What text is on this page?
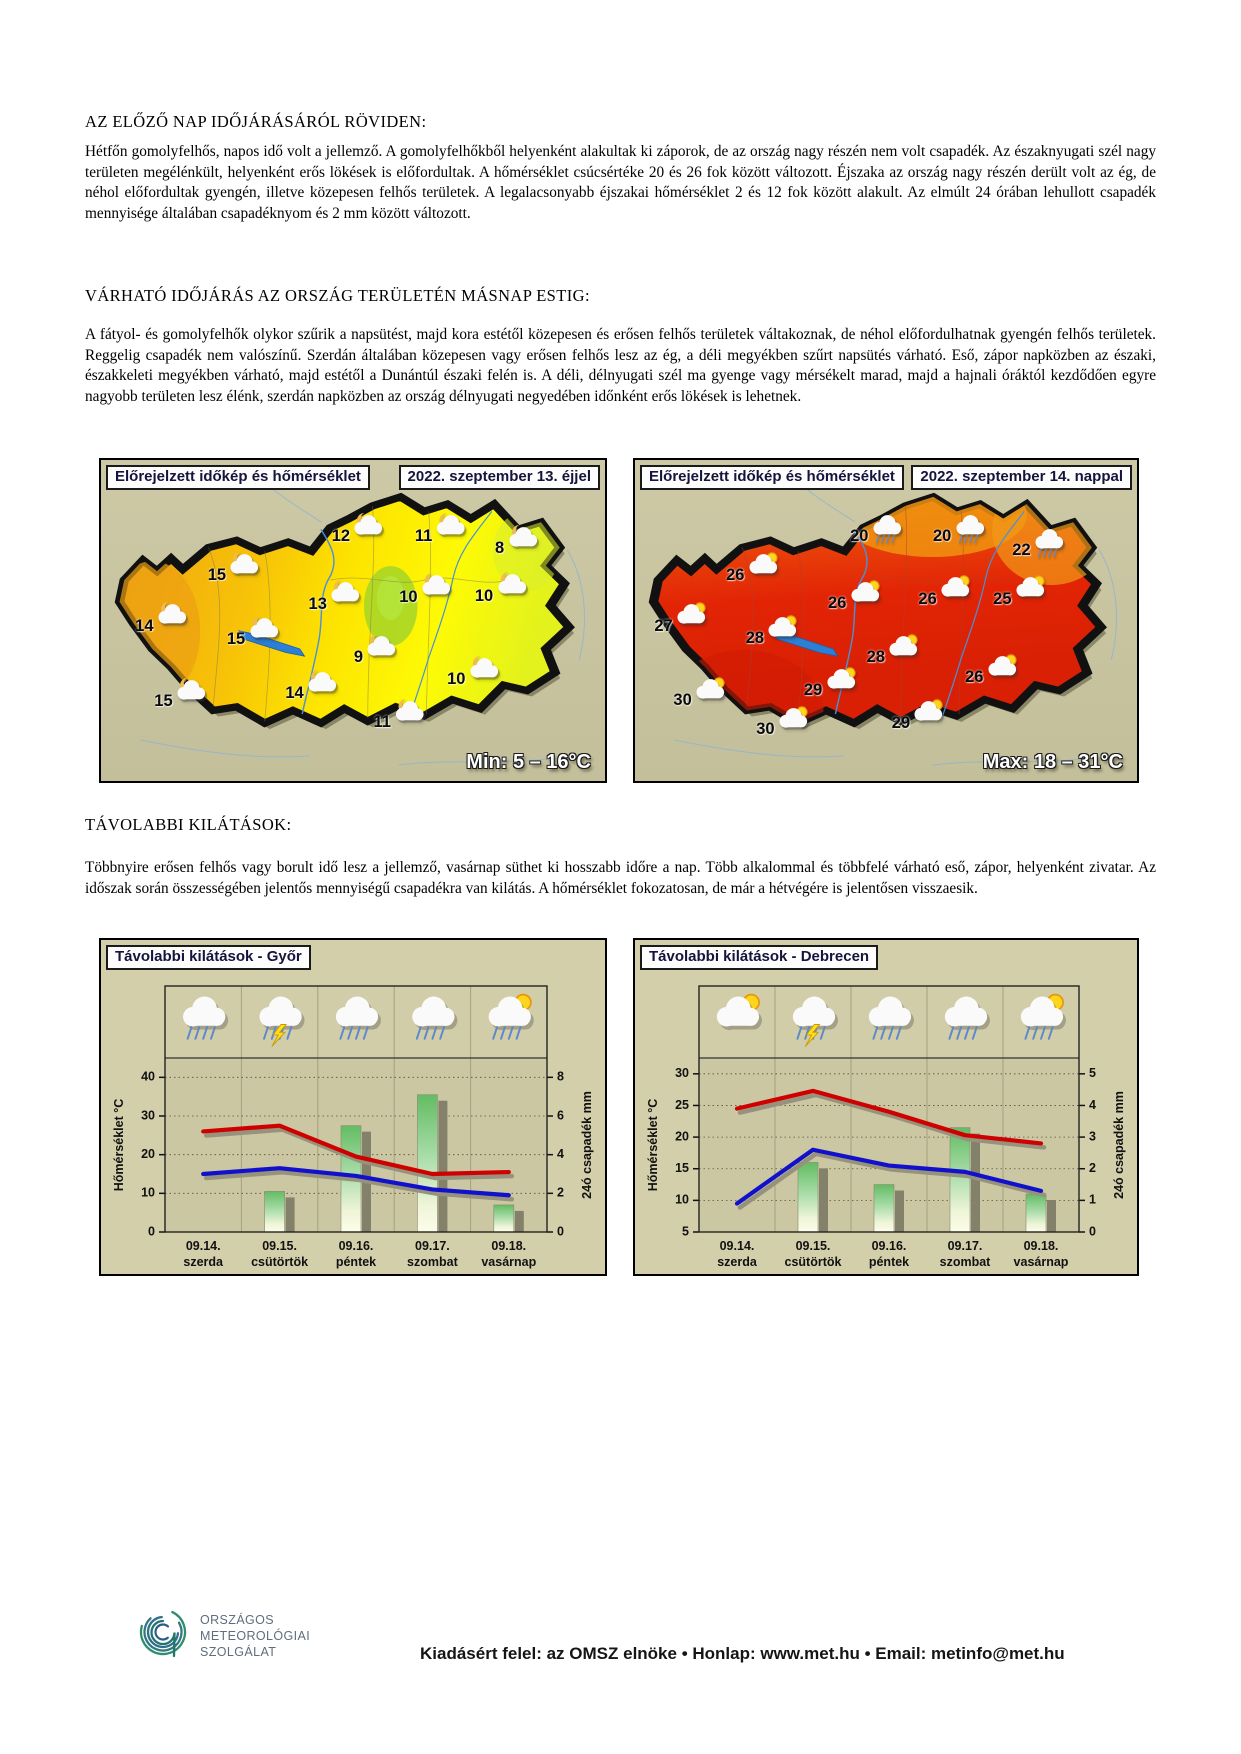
AZ ELŐZŐ NAP IDŐJÁRÁSÁRÓL RÖVIDEN:

Hétfőn gomolyfelhős, napos idő volt a jellemző. A gomolyfelhőkből helyenként alakultak ki záporok, de az ország nagy részén nem volt csapadék. Az északnyugati szél nagy területen megélénkült, helyenként erős lökések is előfordultak. A hőmérséklet csúcsértéke 20 és 26 fok között változott. Éjszaka az ország nagy részén derült volt az ég, de néhol előfordultak gyengén, illetve közepesen felhős területek. A legalacsonyabb éjszakai hőmérséklet 2 és 12 fok között alakult. Az elmúlt 24 órában lehullott csapadék mennyisége általában csapadéknyom és 2 mm között változott.

VÁRHATÓ IDŐJÁRÁS AZ ORSZÁG TERÜLETÉN MÁSNAP ESTIG:

A fátyol- és gomolyfelhők olykor szűrik a napsütést, majd kora estétől közepesen és erősen felhős területek váltakoznak, de néhol előfordulhatnak gyengén felhős területek. Reggelig csapadék nem valószínű. Szerdán általában közepesen vagy erősen felhős lesz az ég, a déli megyékben szűrt napsütés várható. Eső, zápor napközben az északi, északkeleti megyékben várható, majd estétől a Dunántúl északi felén is. A déli, délnyugati szél ma gyenge vagy mérsékelt marad, majd a hajnali óráktól kezdődően egyre nagyobb területen lesz élénk, szerdán napközben az ország délnyugati negyedében időnként erős lökések is lehetnek.

Előrejelzett időkép és hőmérséklet	2022. szeptember 13. éjjel
15
12	11
8
14
13	10	10
15
9
15	14
10
11
Min: 5 – 16°C
Előrejelzett időkép és hőmérséklet	2022. szeptember 14. nappal
20	20
22
26
26	26	25
27
28
28
26
30
29
29
30
Max: 18 – 31°C
TÁVOLABBI KILÁTÁSOK:

Többnyire erősen felhős vagy borult idő lesz a jellemző, vasárnap süthet ki hosszabb időre a nap. Több alkalommal és többfelé várható eső, zápor, helyenként zivatar. Az időszak során összességében jelentős mennyiségű csapadékra van kilátás. A hőmérséklet fokozatosan, de már a hétvégére is jelentősen visszaesik.

0
10
20
30
40
0
2
4
6
8
09.14.
szerda
09.15.
csütörtök
09.16.
péntek
09.17.
szombat
09.18.
vasárnap
Hőmérséklet °C	24ó csapadék mm
Távolabbi kilátások - Győr
5
10
15
20
25
30
0
1
2
3
4
5
09.14.
szerda
09.15.
csütörtök
09.16.
péntek
09.17.
szombat
09.18.
vasárnap
Hőmérséklet °C	24ó csapadék mm
Távolabbi kilátások - Debrecen
ORSZÁGOS
METEOROLÓGIAI
SZOLGÁLAT	Kiadásért felel: az OMSZ elnöke • Honlap: www.met.hu • Email: metinfo@met.hu
